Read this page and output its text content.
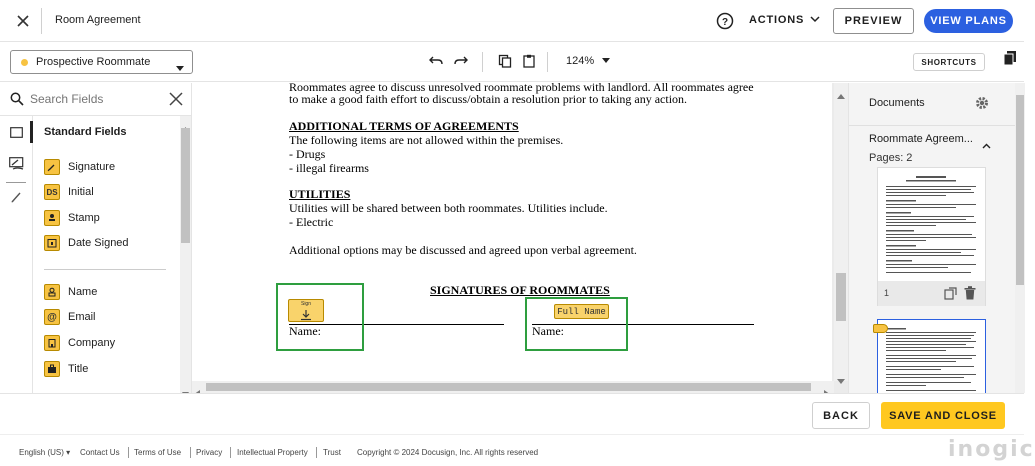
Room Agreement	? ACTIONS	PREVIEW	VIEW PLANS
Prospective Roommate	124%	SHORTCUTS
Search Fields
Standard Fields
Signature
DS Initial
Stamp
Date Signed
Name
@ Email
Company
Title
Roommates agree to discuss unresolved roommate problems with landlord. All roommates agree
to make a good faith effort to discuss/obtain a resolution prior to taking any action.
ADDITIONAL TERMS OF AGREEMENTS
The following items are not allowed within the premises.
- Drugs
- illegal firearms
UTILITIES
Utilities will be shared between both roommates. Utilities include.
- Electric
Additional options may be discussed and agreed upon verbal agreement.
SIGNATURES OF ROOMMATES
Name:	Name:
Sign
Full Name
Documents
Roommate Agreem...
Pages: 2
1
BACK	SAVE AND CLOSE
English (US) ▾ Contact Us Terms of Use Privacy Intellectual Property Trust Copyright © 2024 Docusign, Inc. All rights reserved	inogic
